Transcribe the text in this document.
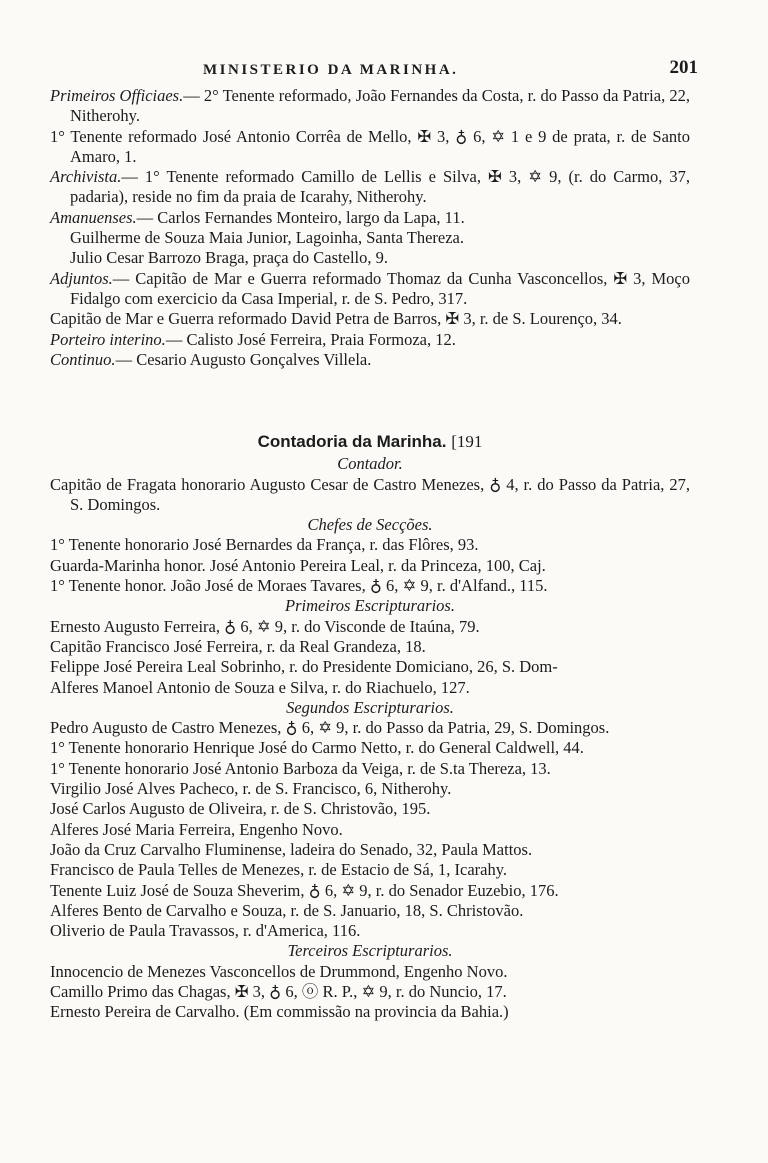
MINISTERIO DA MARINHA.	201

Primeiros Officiaes.— 2° Tenente reformado, João Fernandes da Costa, r. do Passo da Patria, 22, Nitherohy.

1° Tenente reformado José Antonio Corrêa de Mello, ✠ 3, ♁ 6, ✡ 1 e 9 de prata, r. de Santo Amaro, 1.

Archivista.— 1° Tenente reformado Camillo de Lellis e Silva, ✠ 3, ✡ 9, (r. do Carmo, 37, padaria), reside no fim da praia de Icarahy, Nitherohy.

Amanuenses.— Carlos Fernandes Monteiro, largo da Lapa, 11.

Guilherme de Souza Maia Junior, Lagoinha, Santa Thereza.

Julio Cesar Barrozo Braga, praça do Castello, 9.

Adjuntos.— Capitão de Mar e Guerra reformado Thomaz da Cunha Vasconcellos, ✠ 3, Moço Fidalgo com exercicio da Casa Imperial, r. de S. Pedro, 317.

Capitão de Mar e Guerra reformado David Petra de Barros, ✠ 3, r. de S. Lourenço, 34.

Porteiro interino.— Calisto José Ferreira, Praia Formoza, 12.

Continuo.— Cesario Augusto Gonçalves Villela.

Contadoria da Marinha. [191
Contador.

Capitão de Fragata honorario Augusto Cesar de Castro Menezes, ♁ 4, r. do Passo da Patria, 27, S. Domingos.

Chefes de Secções.

1° Tenente honorario José Bernardes da França, r. das Flôres, 93.

Guarda-Marinha honor. José Antonio Pereira Leal, r. da Princeza, 100, Caj.

1° Tenente honor. João José de Moraes Tavares, ♁ 6, ✡ 9, r. d'Alfand., 115.

Primeiros Escripturarios.

Ernesto Augusto Ferreira, ♁ 6, ✡ 9, r. do Visconde de Itaúna, 79.

Capitão Francisco José Ferreira, r. da Real Grandeza, 18.

Felippe José Pereira Leal Sobrinho, r. do Presidente Domiciano, 26, S. Dom-

Alferes Manoel Antonio de Souza e Silva, r. do Riachuelo, 127.

Segundos Escripturarios.

Pedro Augusto de Castro Menezes, ♁ 6, ✡ 9, r. do Passo da Patria, 29, S. Domingos.

1° Tenente honorario Henrique José do Carmo Netto, r. do General Caldwell, 44.

1° Tenente honorario José Antonio Barboza da Veiga, r. de S.ta Thereza, 13.

Virgilio José Alves Pacheco, r. de S. Francisco, 6, Nitherohy.

José Carlos Augusto de Oliveira, r. de S. Christovão, 195.

Alferes José Maria Ferreira, Engenho Novo.

João da Cruz Carvalho Fluminense, ladeira do Senado, 32, Paula Mattos.

Francisco de Paula Telles de Menezes, r. de Estacio de Sá, 1, Icarahy.

Tenente Luiz José de Souza Sheverim, ♁ 6, ✡ 9, r. do Senador Euzebio, 176.

Alferes Bento de Carvalho e Souza, r. de S. Januario, 18, S. Christovão.

Oliverio de Paula Travassos, r. d'America, 116.

Terceiros Escripturarios.

Innocencio de Menezes Vasconcellos de Drummond, Engenho Novo.

Camillo Primo das Chagas, ✠ 3, ♁ 6, ⓞ R. P., ✡ 9, r. do Nuncio, 17.

Ernesto Pereira de Carvalho. (Em commissão na provincia da Bahia.)
